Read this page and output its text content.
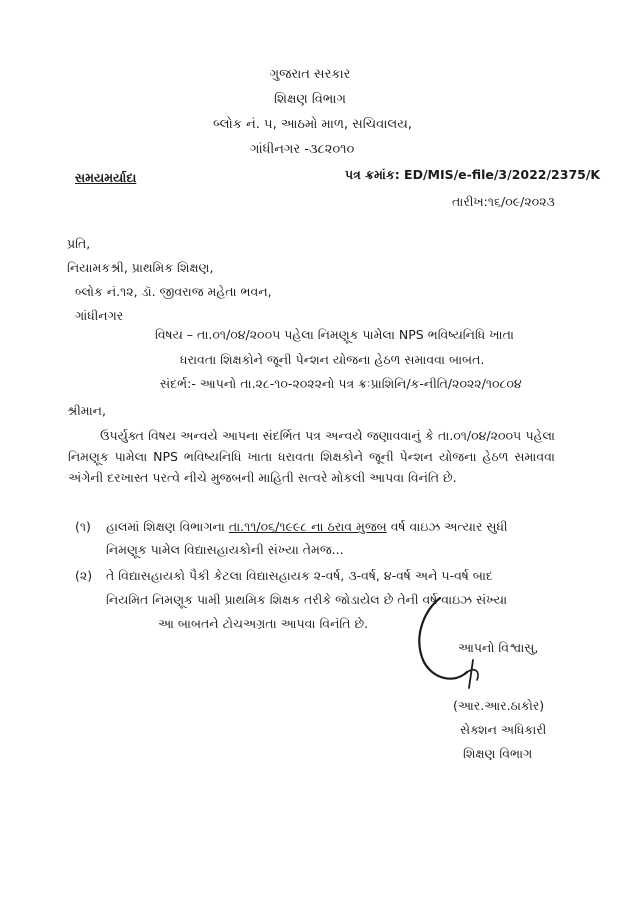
ગુજરાત સરકાર
શિક્ષણ વિભાગ
બ્લોક નં. ૫, આઠમો માળ, સચિવાલય,
ગાંધીનગર -૩૮૨૦૧૦
સમયમર્યાદા	પત્ર ક્રમાંક: ED/MIS/e-file/3/2022/2375/K
તારીખ:૧૬/૦૯/૨૦૨૩
પ્રતિ,
નિયામકશ્રી, પ્રાથમિક શિક્ષણ,
બ્લોક નં.૧૨, ડૉ. જીવરાજ મહેતા ભવન,
ગાંધીનગર
વિષય – તા.૦૧/૦૪/૨૦૦૫ પહેલા નિમણૂક પામેલા NPS ભવિષ્યનિધિ ખાતા
ધરાવતા શિક્ષકોને જૂની પેન્શન યોજના હેઠળ સમાવવા બાબત.
સંદર્ભ:- આપનો તા.૨૮-૧૦-૨૦૨૨નો પત્ર ક્રઃપ્રાશિનિ/ક-નીતિ/૨૦૨૨/૧૦૮૦૪
શ્રીમાન,
ઉપર્યુક્ત વિષય અન્વયે આપના સંદર્ભિત પત્ર અન્વયે જણાવવાનું કે તા.૦૧/૦૪/૨૦૦૫ પહેલા નિમણૂક પામેલા NPS ભવિષ્યનિધિ ખાતા ધરાવતા શિક્ષકોને જૂની પેન્શન યોજના હેઠળ સમાવવા અંગેની દરખાસ્ત પરત્વે નીચે મુજબની માહિતી સત્વરે મોકલી આપવા વિનંતિ છે.
(૧) હાલમાં શિક્ષણ વિભાગના તા.૧૧/૦૬/૧૯૯૮ ના ઠરાવ મુજબ વર્ષ વાઇઝ અત્યાર સુધી
નિમણૂક પામેલ વિદ્યાસહાયકોની સંખ્યા તેમજ...
(૨) તે વિદ્યાસહાયકો પૈકી કેટલા વિદ્યાસહાયક ૨-વર્ષ, ૩-વર્ષ, ૪-વર્ષ અને ૫-વર્ષ બાદ
નિયમિત નિમણૂક પામી પ્રાથમિક શિક્ષક તરીકે જોડાયેલ છે તેની વર્ષ વાઇઝ સંખ્યા
આ બાબતને ટોચઅગ્રતા આપવા વિનંતિ છે.
આપનો વિશ્વાસુ,
(આર.આર.ઠાકોર)
સેક્શન અધિકારી
શિક્ષણ વિભાગ
